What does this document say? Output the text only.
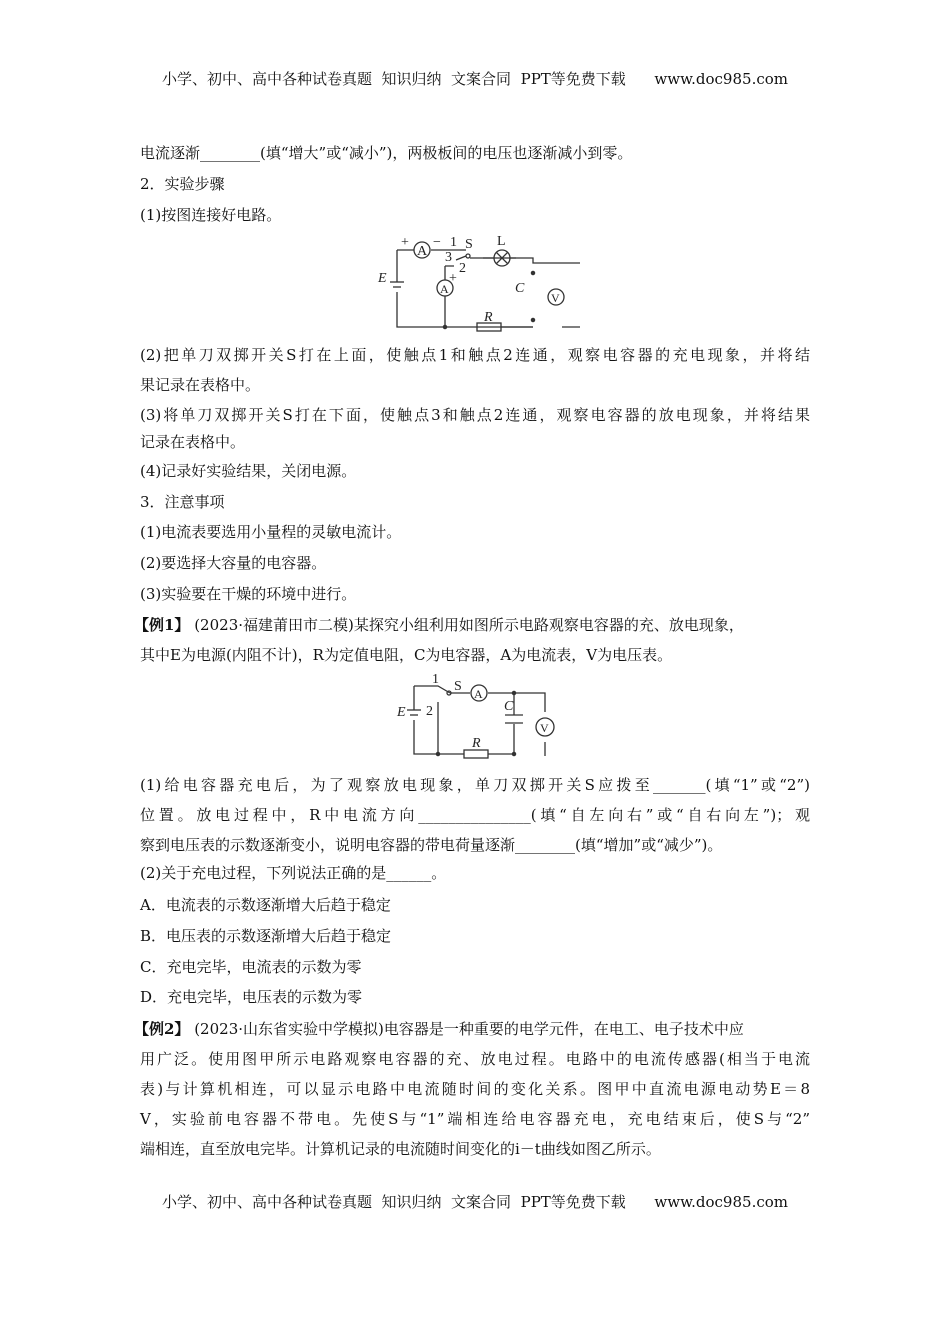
小学、初中、高中各种试卷真题  知识归纳  文案合同  PPT等免费下载      www.doc985.com
电流逐渐________(填“增大”或“减小”)，两极板间的电压也逐渐减小到零。
2．实验步骤
(1)按图连接好电路。
E
A
+ − 1 S L
3
2
+
A	C
V
R
(2)把单刀双掷开关S打在上面，使触点1和触点2连通，观察电容器的充电现象，并将结
果记录在表格中。
(3)将单刀双掷开关S打在下面，使触点3和触点2连通，观察电容器的放电现象，并将结果
记录在表格中。
(4)记录好实验结果，关闭电源。
3．注意事项
(1)电流表要选用小量程的灵敏电流计。
(2)要选择大容量的电容器。
(3)实验要在干燥的环境中进行。
【例1】 (2023·福建莆田市二模)某探究小组利用如图所示电路观察电容器的充、放电现象，
其中E为电源(内阻不计)，R为定值电阻，C为电容器，A为电流表，V为电压表。
E
1 S A
2	C
V
R
(1)给电容器充电后，为了观察放电现象，单刀双掷开关S应拨至_______(填“1”或“2”)
位置。放电过程中，R中电流方向_______________(填“自左向右”或“自右向左”)；观
察到电压表的示数逐渐变小，说明电容器的带电荷量逐渐________(填“增加”或“减少”)。
(2)关于充电过程，下列说法正确的是______。
A．电流表的示数逐渐增大后趋于稳定
B．电压表的示数逐渐增大后趋于稳定
C．充电完毕，电流表的示数为零
D．充电完毕，电压表的示数为零
【例2】 (2023·山东省实验中学模拟)电容器是一种重要的电学元件，在电工、电子技术中应
用广泛。使用图甲所示电路观察电容器的充、放电过程。电路中的电流传感器(相当于电流
表)与计算机相连，可以显示电路中电流随时间的变化关系。图甲中直流电源电动势E＝8
V，实验前电容器不带电。先使S与“1”端相连给电容器充电，充电结束后，使S与“2”
端相连，直至放电完毕。计算机记录的电流随时间变化的i－t曲线如图乙所示。
小学、初中、高中各种试卷真题  知识归纳  文案合同  PPT等免费下载      www.doc985.com
